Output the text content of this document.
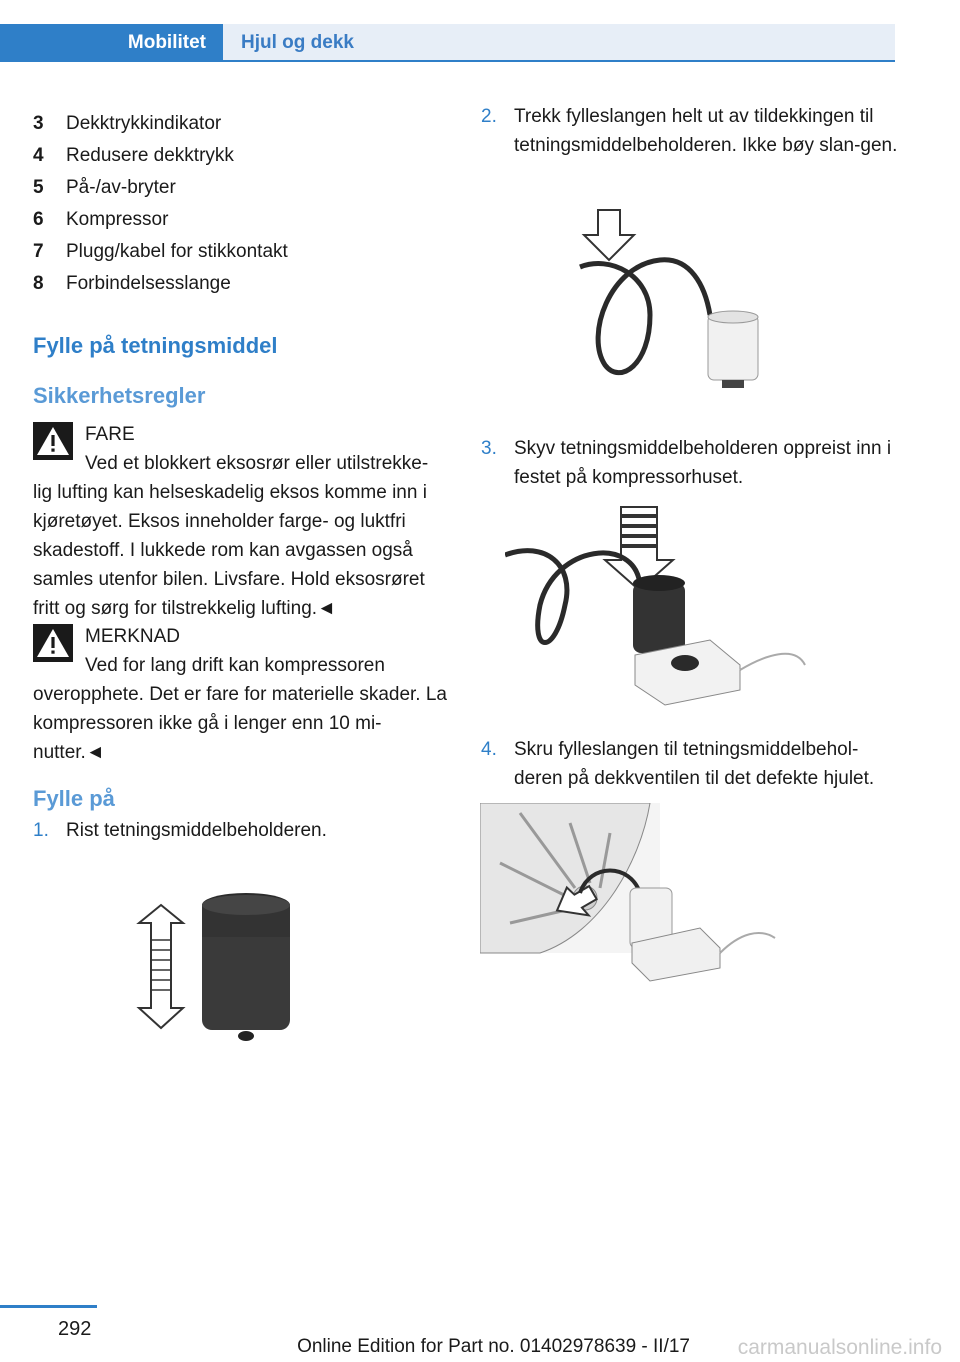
Mobilitet	Hjul og dekk
3 Dekktrykkindikator
4 Redusere dekktrykk
5 På-/av-bryter
6 Kompressor
7 Plugg/kabel for stikkontakt
8 Forbindelsesslange
Fylle på tetningsmiddel
Sikkerhetsregler
FARE
Ved et blokkert eksosrør eller utilstrekke-
lig lufting kan helseskadelig eksos komme inn i kjøretøyet. Eksos inneholder farge- og luktfri skadestoff. I lukkede rom kan avgassen også samles utenfor bilen. Livsfare. Hold eksosrøret fritt og sørg for tilstrekkelig lufting.◄
MERKNAD
Ved for lang drift kan kompressoren
overopphete. Det er fare for materielle skader. La kompressoren ikke gå i lenger enn 10 mi-nutter.◄
Fylle på
1. Rist tetningsmiddelbeholderen.
2. Trekk fylleslangen helt ut av tildekkingen til tetningsmiddelbeholderen. Ikke bøy slan-gen.
3. Skyv tetningsmiddelbeholderen oppreist inn i festet på kompressorhuset.
4. Skru fylleslangen til tetningsmiddelbehol-deren på dekkventilen til det defekte hjulet.
292
Online Edition for Part no. 01402978639 - II/17 carmanualsonline.info
